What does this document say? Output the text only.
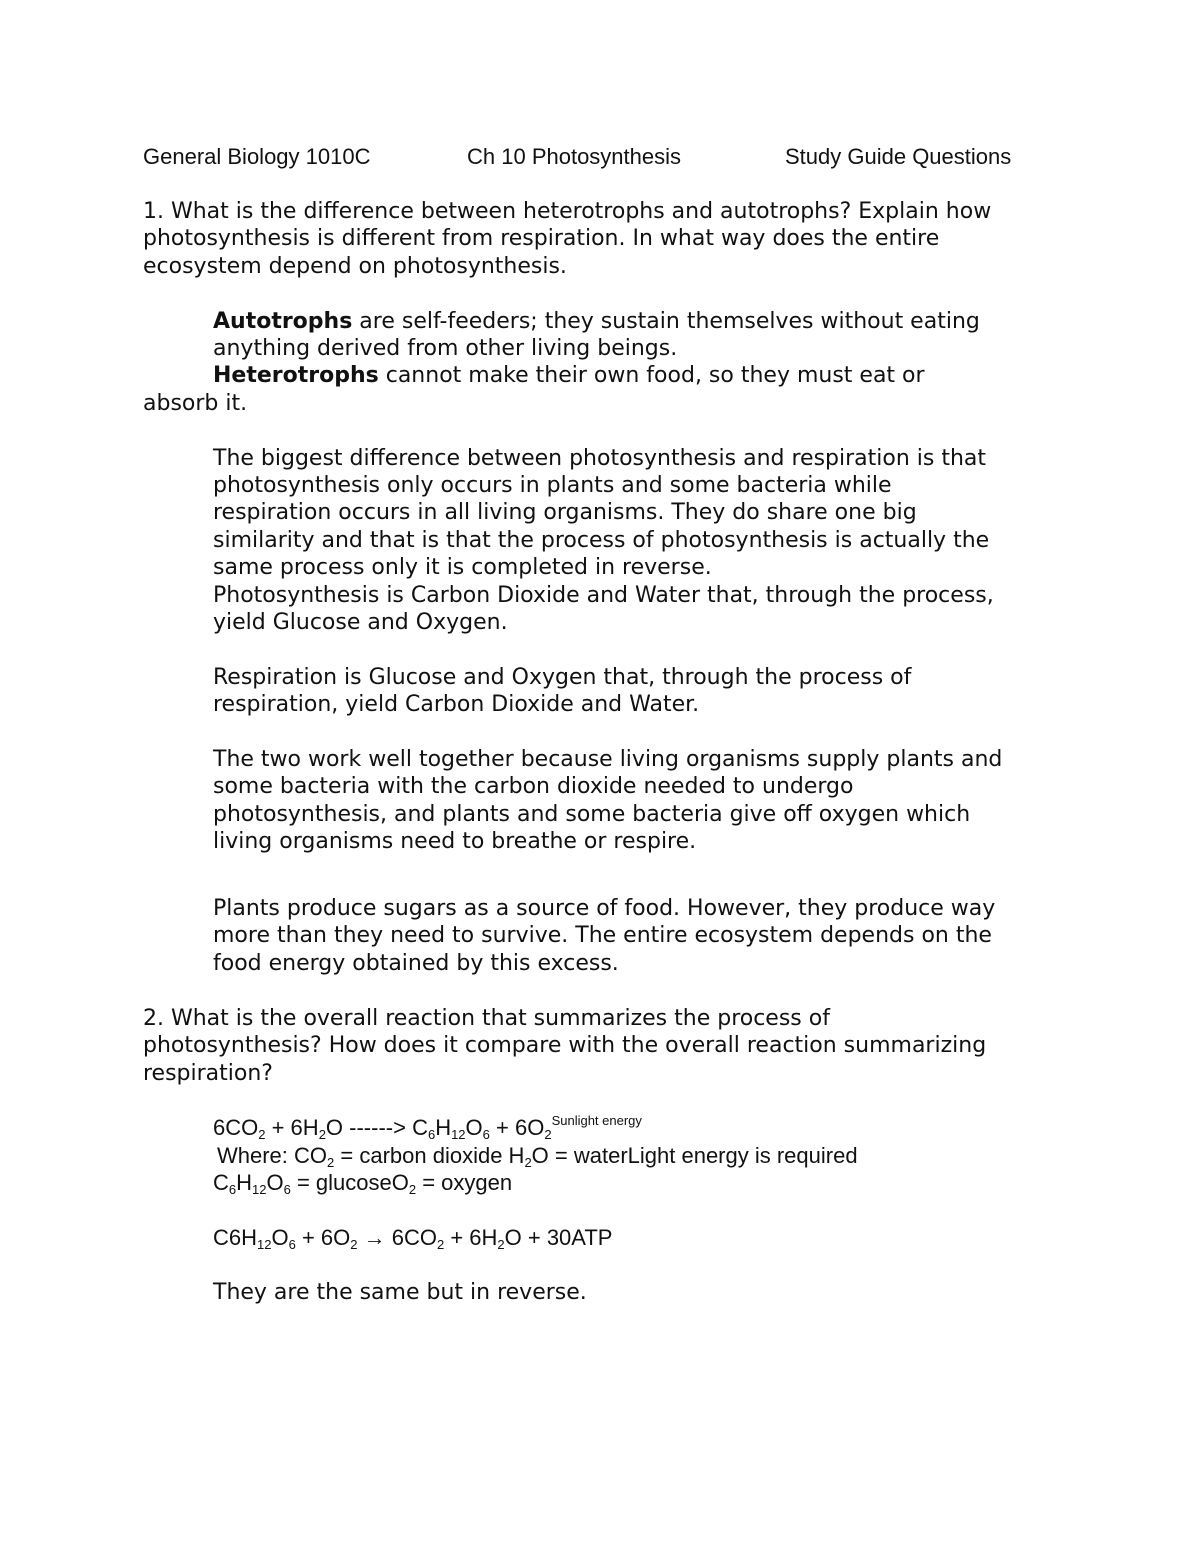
General Biology 1010C	Ch 10 Photosynthesis	Study Guide Questions

1. What is the difference between heterotrophs and autotrophs? Explain how

photosynthesis is different from respiration. In what way does the entire

ecosystem depend on photosynthesis.

Autotrophs are self-feeders; they sustain themselves without eating

anything derived from other living beings.

Heterotrophs cannot make their own food, so they must eat or

absorb it.

The biggest difference between photosynthesis and respiration is that

photosynthesis only occurs in plants and some bacteria while

respiration occurs in all living organisms. They do share one big

similarity and that is that the process of photosynthesis is actually the

same process only it is completed in reverse.

Photosynthesis is Carbon Dioxide and Water that, through the process,

yield Glucose and Oxygen.

Respiration is Glucose and Oxygen that, through the process of

respiration, yield Carbon Dioxide and Water.

The two work well together because living organisms supply plants and

some bacteria with the carbon dioxide needed to undergo

photosynthesis, and plants and some bacteria give off oxygen which

living organisms need to breathe or respire.

Plants produce sugars as a source of food. However, they produce way

more than they need to survive. The entire ecosystem depends on the

food energy obtained by this excess.

2. What is the overall reaction that summarizes the process of

photosynthesis? How does it compare with the overall reaction summarizing

respiration?

$6CO_2 + 6H_2O$ ------> $C_6H_{12}O_6 + 6O_2^{Sunlight energy}$

Where: $CO_2$ = carbon dioxide $H_2O$ = waterLight energy is required

$C_6H_{12}O_6$ = glucoseO$_2$ = oxygen

$C6H_{12}O_6 + 6O_2 \to 6CO_2 + 6H_2O + 30ATP$

They are the same but in reverse.
